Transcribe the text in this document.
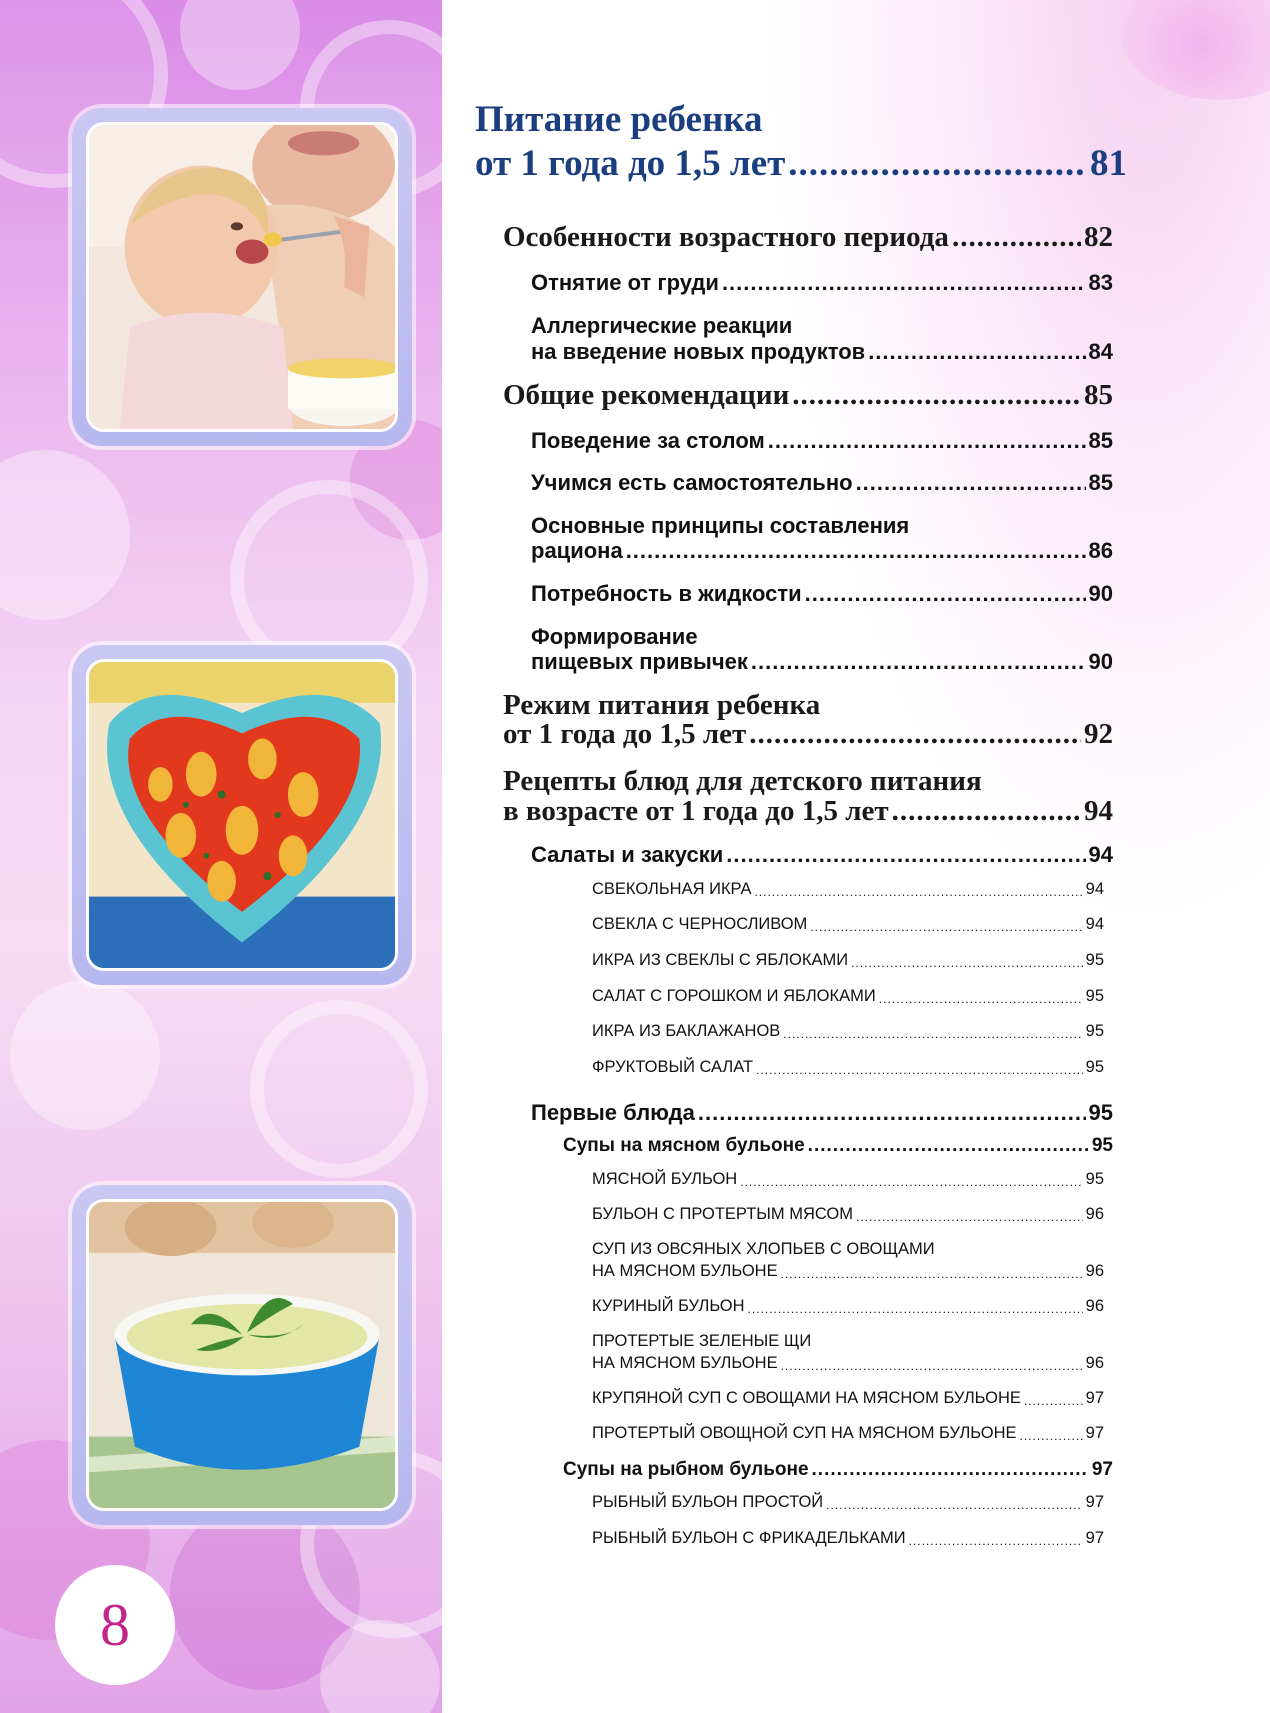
8
Питание ребенка
от 1 года до 1,5 лет .....	81
Особенности возрастного периода .....	82
Отнятие от груди .....	83
Аллергические реакции
на введение новых продуктов .....	84
Общие рекомендации .....	85
Поведение за столом .....	85
Учимся есть самостоятельно .....	85
Основные принципы составления
рациона .....	86
Потребность в жидкости .....	90
Формирование
пищевых привычек .....	90
Режим питания ребенка
от 1 года до 1,5 лет .....	92
Рецепты блюд для детского питания
в возрасте от 1 года до 1,5 лет .....	94
Салаты и закуски .....	94
СВЕКОЛЬНАЯ ИКРА .....	94
СВЕКЛА С ЧЕРНОСЛИВОМ .....	94
ИКРА ИЗ СВЕКЛЫ С ЯБЛОКАМИ .....	95
САЛАТ С ГОРОШКОМ И ЯБЛОКАМИ .....	95
ИКРА ИЗ БАКЛАЖАНОВ .....	95
ФРУКТОВЫЙ САЛАТ .....	95
Первые блюда .....	95
Супы на мясном бульоне .....	95
МЯСНОЙ БУЛЬОН .....	95
БУЛЬОН С ПРОТЕРТЫМ МЯСОМ .....	96
СУП ИЗ ОВСЯНЫХ ХЛОПЬЕВ С ОВОЩАМИ
НА МЯСНОМ БУЛЬОНЕ .....	96
КУРИНЫЙ БУЛЬОН .....	96
ПРОТЕРТЫЕ ЗЕЛЕНЫЕ ЩИ
НА МЯСНОМ БУЛЬОНЕ .....	96
КРУПЯНОЙ СУП С ОВОЩАМИ НА МЯСНОМ БУЛЬОНЕ .....	97
ПРОТЕРТЫЙ ОВОЩНОЙ СУП НА МЯСНОМ БУЛЬОНЕ .....	97
Супы на рыбном бульоне .....	97
РЫБНЫЙ БУЛЬОН ПРОСТОЙ .....	97
РЫБНЫЙ БУЛЬОН С ФРИКАДЕЛЬКАМИ .....	97
